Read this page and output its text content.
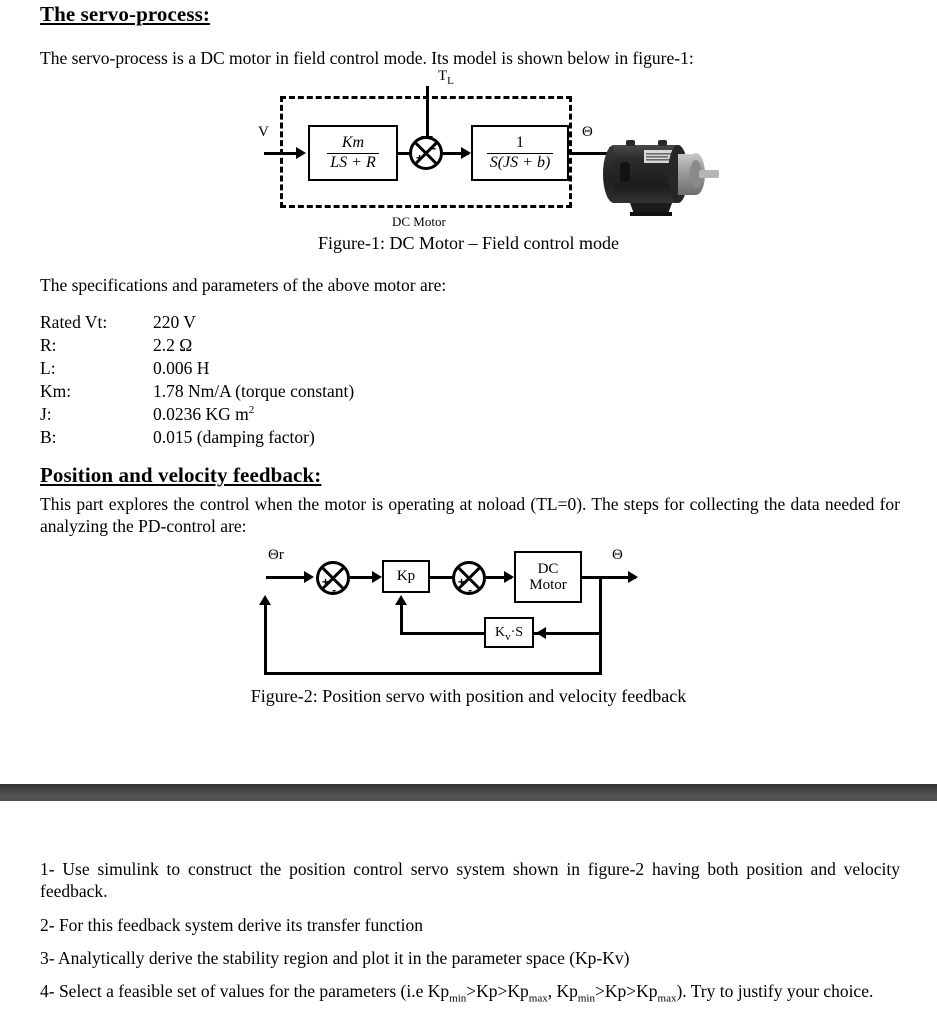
The servo-process:

The servo-process is a DC motor in field control mode. Its model is shown below in figure-1:

$T_L$
V
$\frac{Km}{LS + R}$	+
-	$\frac{1}{S(JS + b)}$
Θ
DC Motor
Figure-1: DC Motor – Field control mode

The specifications and parameters of the above motor are:

Rated Vt:	220 V
R:	2.2 Ω
L:	0.006 H
Km:	1.78 Nm/A (torque constant)
J:	0.0236 KG $m^2$
B:	0.015 (damping factor)
Position and velocity feedback:

This part explores the control when the motor is operating at noload (TL=0). The steps for collecting the data needed for analyzing the PD-control are:

Θr
+
-
Kp	+
-
DC
Motor
Θ
$K_v\cdot S$
Figure-2: Position servo with position and velocity feedback

1- Use simulink to construct the position control servo system shown in figure-2 having both position and velocity feedback.

2- For this feedback system derive its transfer function

3- Analytically derive the stability region and plot it in the parameter space (Kp-Kv)

4- Select a feasible set of values for the parameters (i.e $Kp_{min}>Kp>Kp_{max}$, $Kp_{min}>Kp>Kp_{max}$). Try to justify your choice.
